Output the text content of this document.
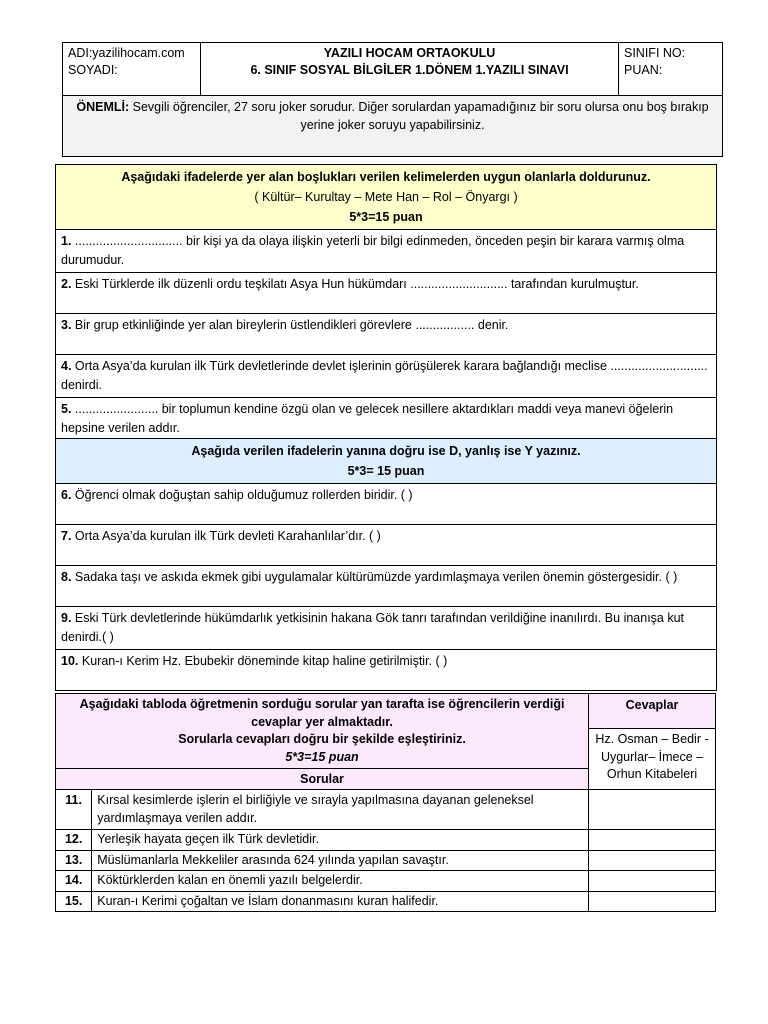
ADI:yazilihocam.com
SOYADI:

YAZILI HOCAM ORTAOKULU
6. SINIF SOSYAL BİLGİLER 1.DÖNEM 1.YAZILI SINAVI

SINIFI NO:
PUAN:

ÖNEMLİ: Sevgili öğrenciler, 27 soru joker sorudur. Diğer sorulardan yapamadığınız bir soru olursa onu boş bırakıp yerine joker soruyu yapabilirsiniz.
Aşağıdaki ifadelerde yer alan boşlukları verilen kelimelerden uygun olanlarla doldurunuz.
( Kültür– Kurultay – Mete Han – Rol – Önyargı )
5*3=15 puan

1. ............................... bir kişi ya da olaya ilişkin yeterli bir bilgi edinmeden, önceden peşin bir karara varmış olma durumudur.
2. Eski Türklerde ilk düzenli ordu teşkilatı Asya Hun hükümdarı ............................ tarafından kurulmuştur.
3. Bir grup etkinliğinde yer alan bireylerin üstlendikleri görevlere ................. denir.
4. Orta Asya’da kurulan ilk Türk devletlerinde devlet işlerinin görüşülerek karara bağlandığı meclise ............................ denirdi.
5. ........................ bir toplumun kendine özgü olan ve gelecek nesillere aktardıkları maddi veya manevi öğelerin hepsine verilen addır.
Aşağıda verilen ifadelerin yanına doğru ise D, yanlış ise Y yazınız.
5*3= 15 puan

6. Öğrenci olmak doğuştan sahip olduğumuz rollerden biridir. ( )
7. Orta Asya’da kurulan ilk Türk devleti Karahanlılar’dır. ( )
8. Sadaka taşı ve askıda ekmek gibi uygulamalar kültürümüzde yardımlaşmaya verilen önemin göstergesidir. ( )
9. Eski Türk devletlerinde hükümdarlık yetkisinin hakana Gök tanrı tarafından verildiğine inanılırdı. Bu inanışa kut denirdi.( )
10. Kuran-ı Kerim Hz. Ebubekir döneminde kitap haline getirilmiştir. ( )
Aşağıdaki tabloda öğretmenin sorduğu sorular yan tarafta ise öğrencilerin verdiği cevaplar yer almaktadır.
Sorularla cevapları doğru bir şekilde eşleştiriniz.
5*3=15 puan		Cevaplar
		Hz. Osman – Bedir - Uygurlar– İmece – Orhun Kitabeleri
Sorular		
11.	Kırsal kesimlerde işlerin el birliğiyle ve sırayla yapılmasına dayanan geleneksel yardımlaşmaya verilen addır.	
12.	Yerleşik hayata geçen ilk Türk devletidir.	
13.	Müslümanlarla Mekkeliler arasında 624 yılında yapılan savaştır.	
14.	Köktürklerden kalan en önemli yazılı belgelerdir.	
15.	Kuran-ı Kerimi çoğaltan ve İslam donanmasını kuran halifedir.	
